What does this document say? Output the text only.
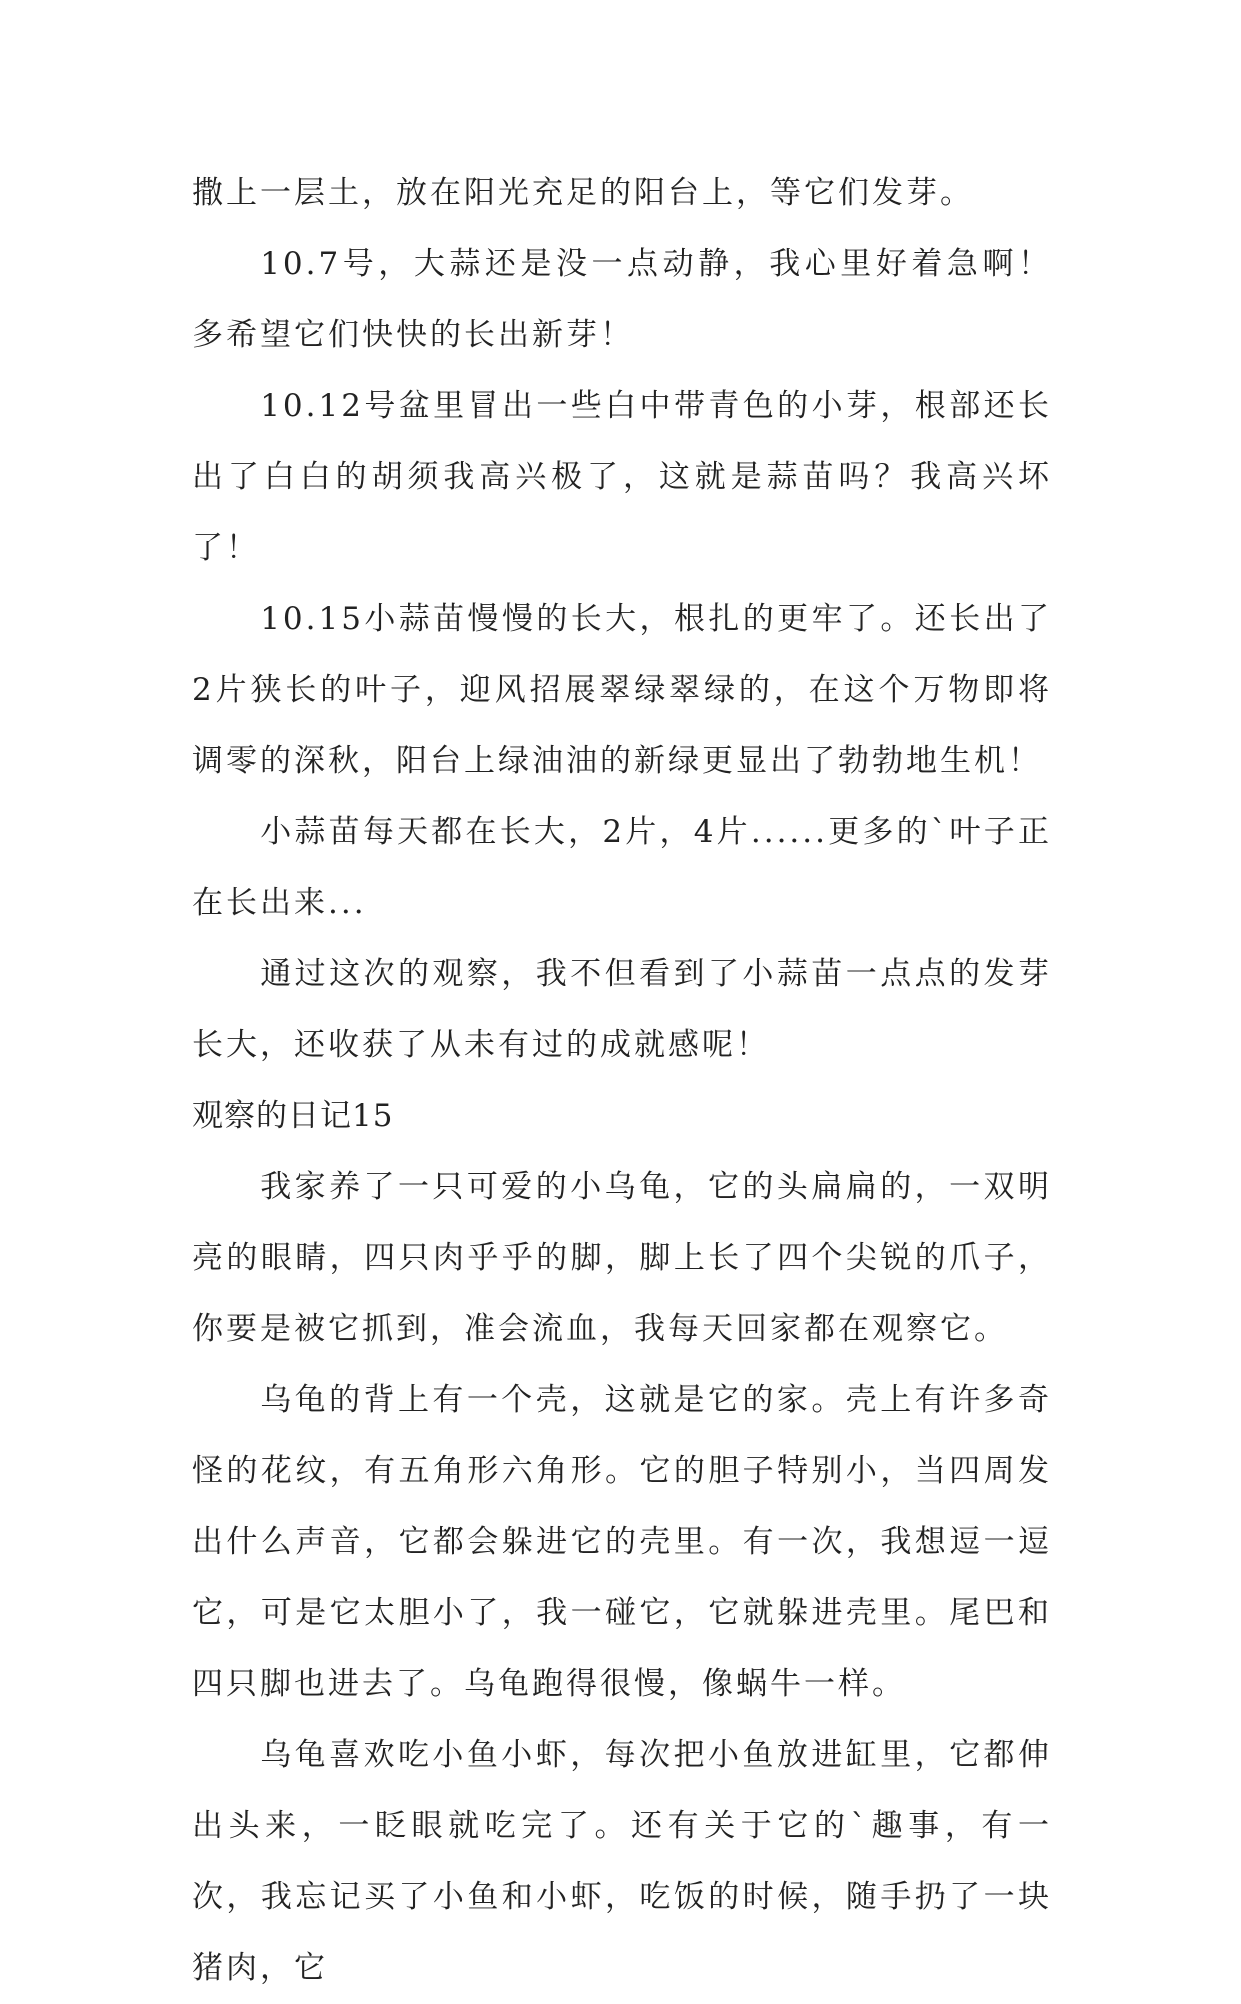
撒上一层土，放在阳光充足的阳台上，等它们发芽。

10.7号，大蒜还是没一点动静，我心里好着急啊！多希望它们快快的长出新芽！

10.12号盆里冒出一些白中带青色的小芽，根部还长出了白白的胡须我高兴极了，这就是蒜苗吗？我高兴坏了！

10.15小蒜苗慢慢的长大，根扎的更牢了。还长出了2片狭长的叶子，迎风招展翠绿翠绿的，在这个万物即将调零的深秋，阳台上绿油油的新绿更显出了勃勃地生机！

小蒜苗每天都在长大，2片，4片......更多的`叶子正在长出来...

通过这次的观察，我不但看到了小蒜苗一点点的发芽长大，还收获了从未有过的成就感呢！

观察的日记15

我家养了一只可爱的小乌龟，它的头扁扁的，一双明亮的眼睛，四只肉乎乎的脚，脚上长了四个尖锐的爪子，你要是被它抓到，准会流血，我每天回家都在观察它。

乌龟的背上有一个壳，这就是它的家。壳上有许多奇怪的花纹，有五角形六角形。它的胆子特别小，当四周发出什么声音，它都会躲进它的壳里。有一次，我想逗一逗它，可是它太胆小了，我一碰它，它就躲进壳里。尾巴和四只脚也进去了。乌龟跑得很慢，像蜗牛一样。

乌龟喜欢吃小鱼小虾，每次把小鱼放进缸里，它都伸出头来，一眨眼就吃完了。还有关于它的`趣事，有一次，我忘记买了小鱼和小虾，吃饭的时候，随手扔了一块猪肉，它
